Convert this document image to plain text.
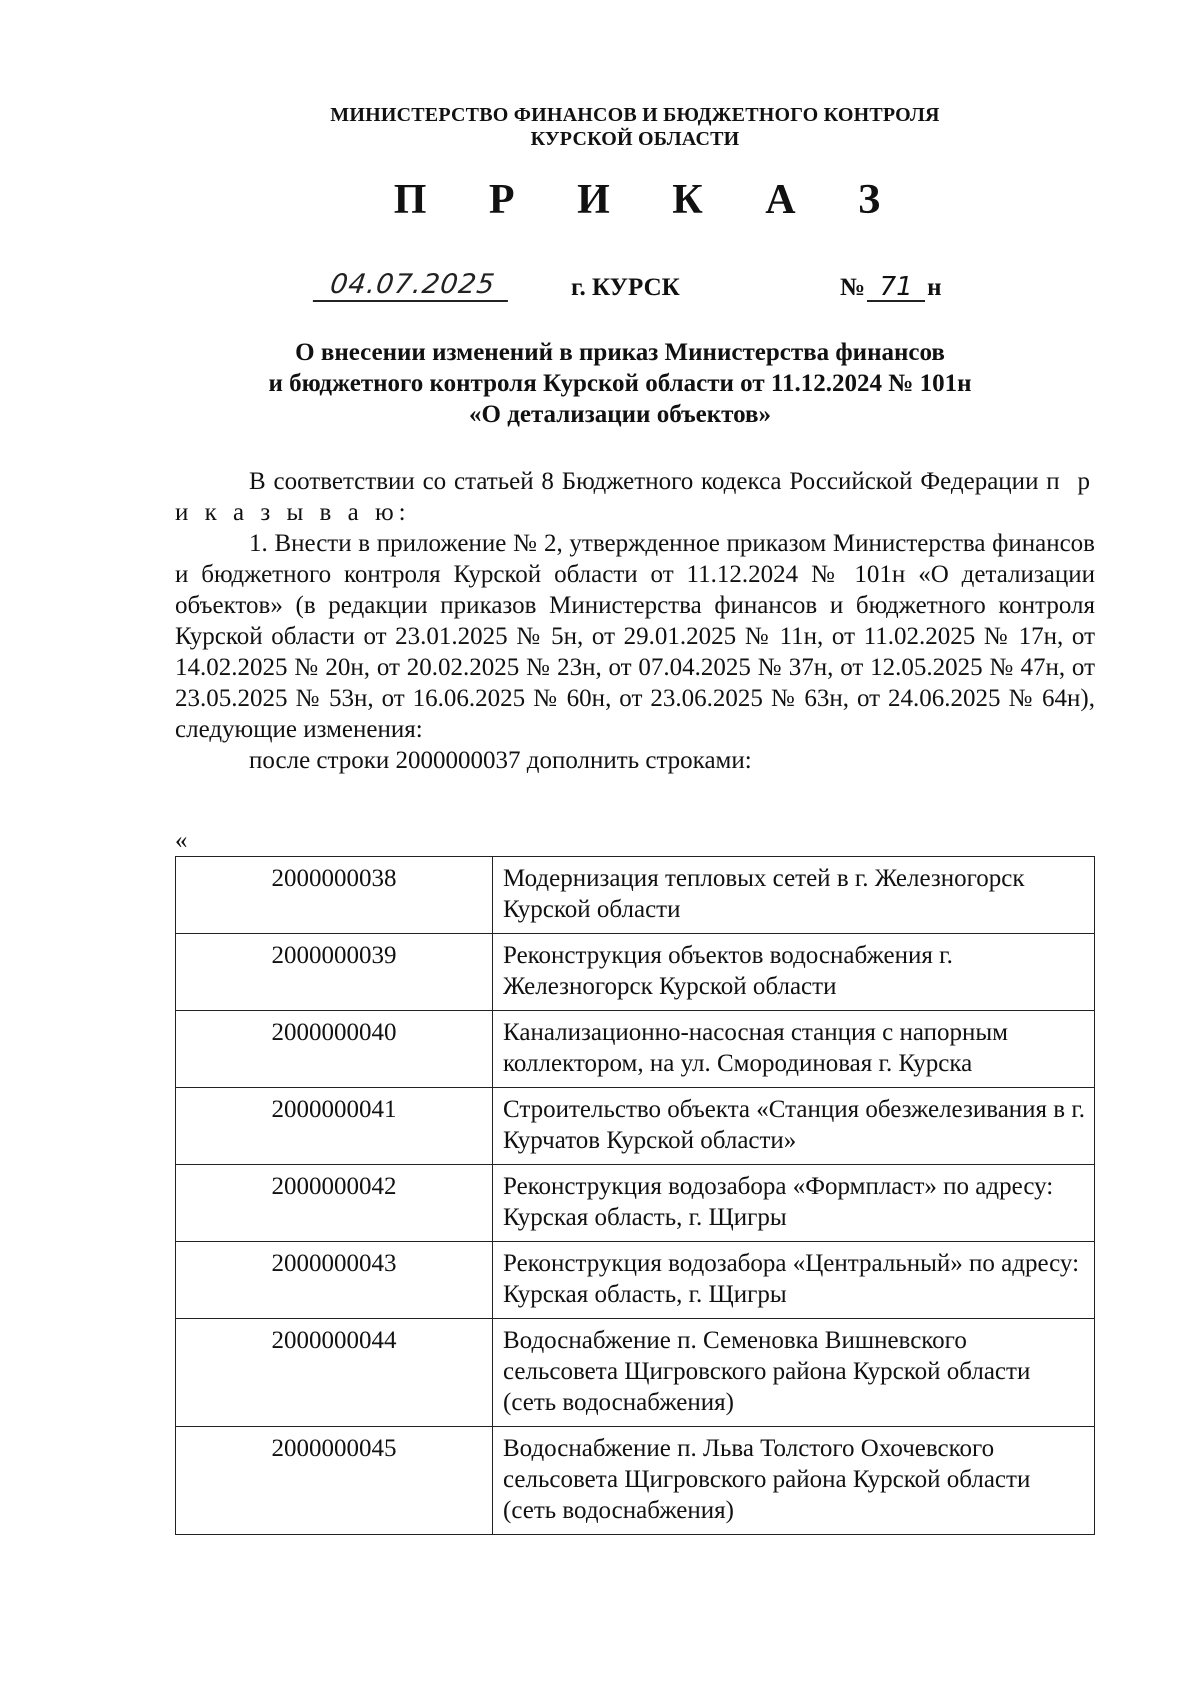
МИНИСТЕРСТВО ФИНАНСОВ И БЮДЖЕТНОГО КОНТРОЛЯ
КУРСКОЙ ОБЛАСТИ
П Р И К А З
04.07.2025	г. КУРСК	№ 71 н
О внесении изменений в приказ Министерства финансов
и бюджетного контроля Курской области от 11.12.2024 № 101н
«О детализации объектов»

В соответствии со статьей 8 Бюджетного кодекса Российской Федерации п р и к а з ы в а ю:

1. Внести в приложение № 2, утвержденное приказом Министерства финансов и бюджетного контроля Курской области от 11.12.2024 № 101н «О детализации объектов» (в редакции приказов Министерства финансов и бюджетного контроля Курской области от 23.01.2025 № 5н, от 29.01.2025 № 11н, от 11.02.2025 № 17н, от 14.02.2025 № 20н, от 20.02.2025 № 23н, от 07.04.2025 № 37н, от 12.05.2025 № 47н, от 23.05.2025 № 53н, от 16.06.2025 № 60н, от 23.06.2025 № 63н, от 24.06.2025 № 64н), следующие изменения:

после строки 2000000037 дополнить строками:

«
2000000038	Модернизация тепловых сетей в г. Железногорск Курской области
2000000039	Реконструкция объектов водоснабжения г. Железногорск Курской области
2000000040	Канализационно-насосная станция с напорным коллектором, на ул. Смородиновая г. Курска
2000000041	Строительство объекта «Станция обезжелезивания в г. Курчатов Курской области»
2000000042	Реконструкция водозабора «Формпласт» по адресу: Курская область, г. Щигры
2000000043	Реконструкция водозабора «Центральный» по адресу: Курская область, г. Щигры
2000000044	Водоснабжение п. Семеновка Вишневского сельсовета Щигровского района Курской области (сеть водоснабжения)
2000000045	Водоснабжение п. Льва Толстого Охочевского сельсовета Щигровского района Курской области (сеть водоснабжения)
